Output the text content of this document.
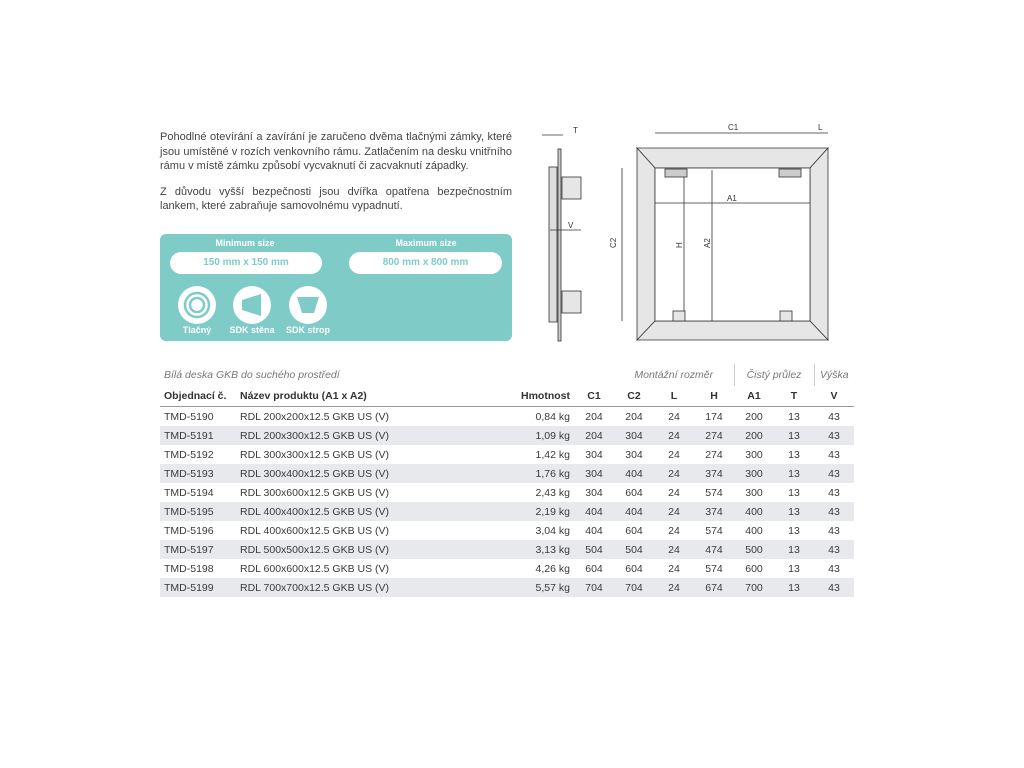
Pohodlné otevírání a zavírání je zaručeno dvěma tlačnými zámky, které jsou umístěné v rozích venkovního rámu. Zatlačením na desku vnitřního rámu v místě zámku způsobí vycvaknutí či zacvaknutí západky.

Z důvodu vyšší bezpečnosti jsou dvířka opatřena bezpečnostním lankem, které zabraňuje samovolnému vypadnutí.

Minimum size
150 mm x 150 mm
Maximum size
800 mm x 800 mm
Tlačný	SDK stěna	SDK strop
T
V
C1	L
A1
C2	H A2
Bílá deska GKB do suchého prostředí				Montážní rozměr			Čistý průlez		Výška
Objednací č.	Název produktu (A1 x A2)	Hmotnost	C1	C2	L	H	A1	T	V
TMD-5190	RDL 200x200x12.5 GKB US (V)	0,84 kg	204	204	24	174	200	13	43
TMD-5191	RDL 200x300x12.5 GKB US (V)	1,09 kg	204	304	24	274	200	13	43
TMD-5192	RDL 300x300x12.5 GKB US (V)	1,42 kg	304	304	24	274	300	13	43
TMD-5193	RDL 300x400x12.5 GKB US (V)	1,76 kg	304	404	24	374	300	13	43
TMD-5194	RDL 300x600x12.5 GKB US (V)	2,43 kg	304	604	24	574	300	13	43
TMD-5195	RDL 400x400x12.5 GKB US (V)	2,19 kg	404	404	24	374	400	13	43
TMD-5196	RDL 400x600x12.5 GKB US (V)	3,04 kg	404	604	24	574	400	13	43
TMD-5197	RDL 500x500x12.5 GKB US (V)	3,13 kg	504	504	24	474	500	13	43
TMD-5198	RDL 600x600x12.5 GKB US (V)	4,26 kg	604	604	24	574	600	13	43
TMD-5199	RDL 700x700x12.5 GKB US (V)	5,57 kg	704	704	24	674	700	13	43
